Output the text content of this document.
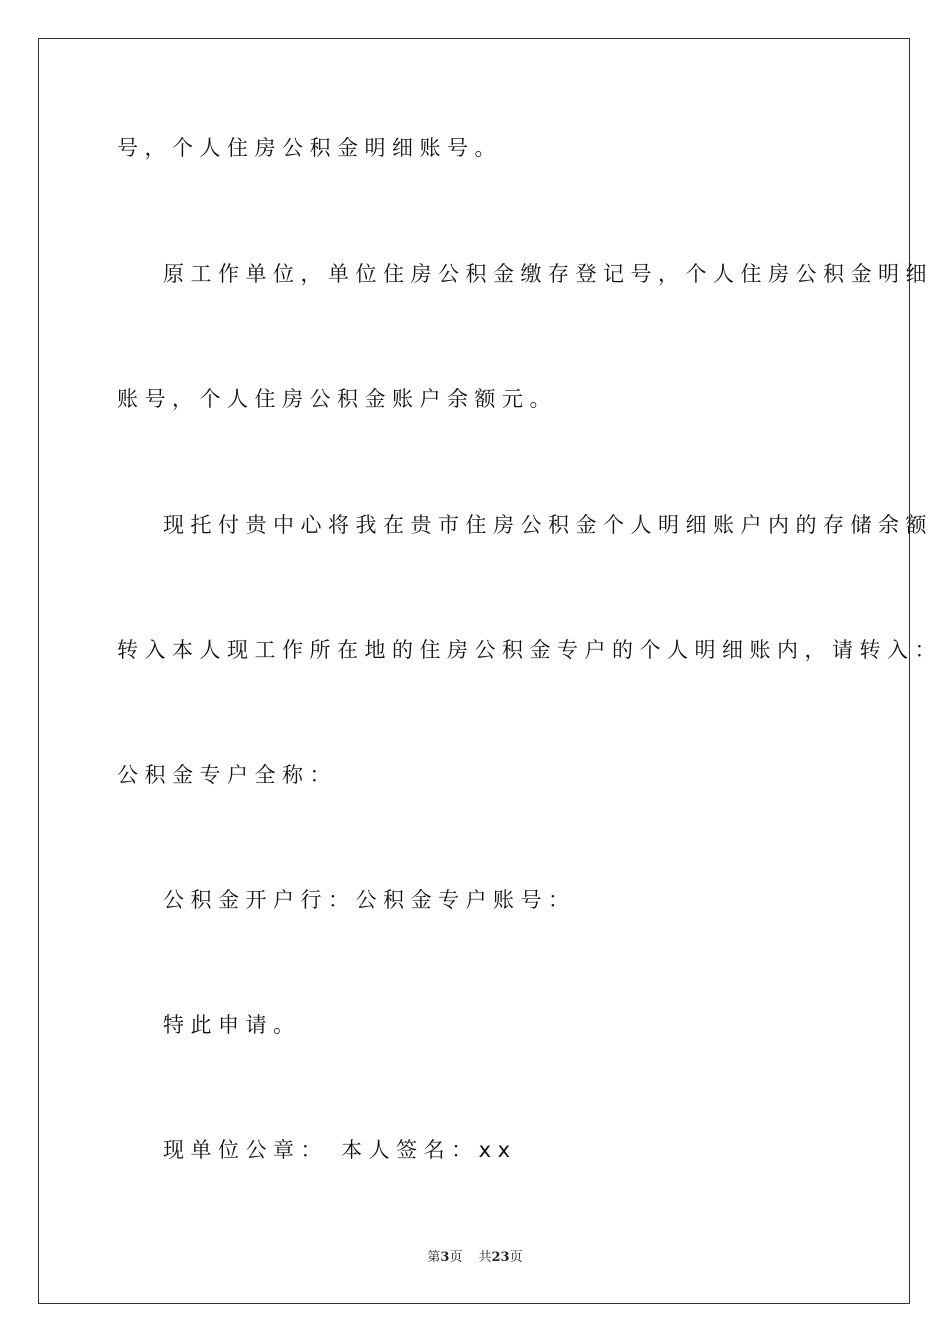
号，个人住房公积金明细账号。
原工作单位，单位住房公积金缴存登记号，个人住房公积金明细
账号，个人住房公积金账户余额元。
现托付贵中心将我在贵市住房公积金个人明细账户内的存储余额
转入本人现工作所在地的住房公积金专户的个人明细账内，请转入：
公积金专户全称：
公积金开户行：公积金专户账号：
特此申请。
现单位公章： 本人签名：xx
第3页 共23页
